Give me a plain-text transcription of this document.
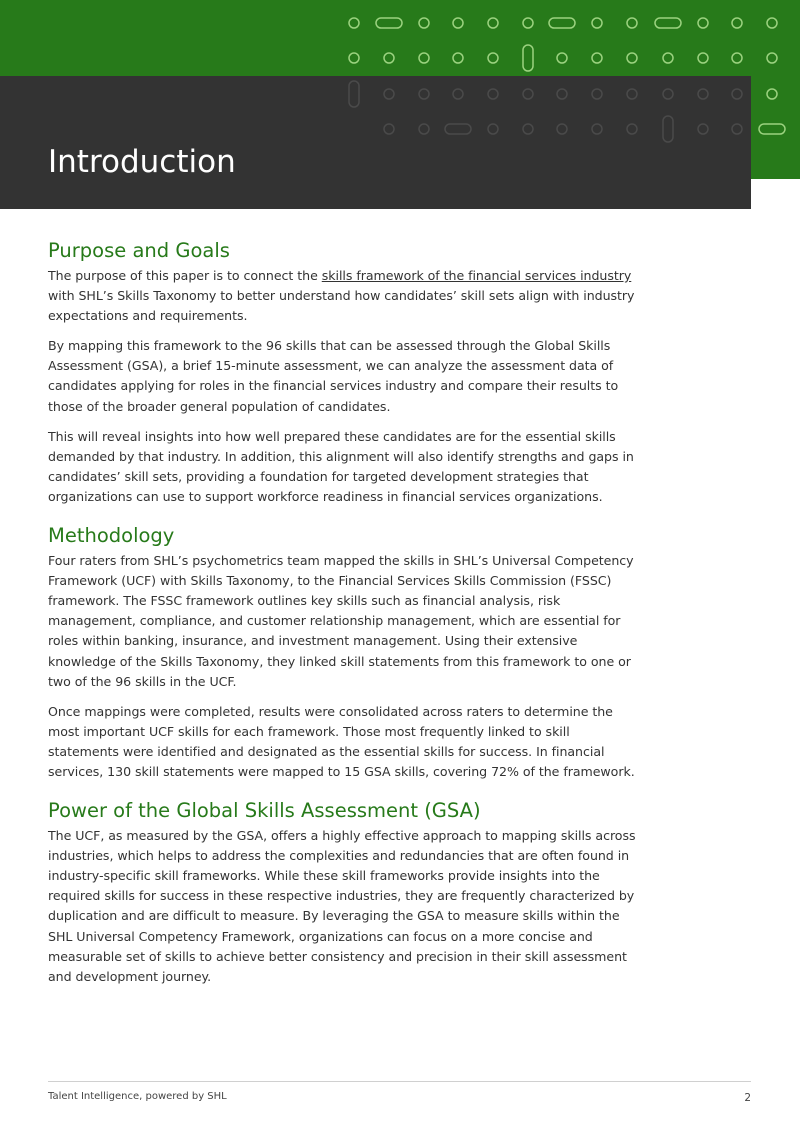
Introduction
Purpose and Goals

The purpose of this paper is to connect the skills framework of the financial services industry with SHL’s Skills Taxonomy to better understand how candidates’ skill sets align with industry expectations and requirements.

By mapping this framework to the 96 skills that can be assessed through the Global Skills Assessment (GSA), a brief 15-minute assessment, we can analyze the assessment data of candidates applying for roles in the financial services industry and compare their results to those of the broader general population of candidates.

This will reveal insights into how well prepared these candidates are for the essential skills demanded by that industry. In addition, this alignment will also identify strengths and gaps in candidates’ skill sets, providing a foundation for targeted development strategies that organizations can use to support workforce readiness in financial services organizations.

Methodology

Four raters from SHL’s psychometrics team mapped the skills in SHL’s Universal Competency Framework (UCF) with Skills Taxonomy, to the Financial Services Skills Commission (FSSC) framework. The FSSC framework outlines key skills such as financial analysis, risk management, compliance, and customer relationship management, which are essential for roles within banking, insurance, and investment management. Using their extensive knowledge of the Skills Taxonomy, they linked skill statements from this framework to one or two of the 96 skills in the UCF.

Once mappings were completed, results were consolidated across raters to determine the most important UCF skills for each framework. Those most frequently linked to skill statements were identified and designated as the essential skills for success. In financial services, 130 skill statements were mapped to 15 GSA skills, covering 72% of the framework.

Power of the Global Skills Assessment (GSA)

The UCF, as measured by the GSA, offers a highly effective approach to mapping skills across industries, which helps to address the complexities and redundancies that are often found in industry-specific skill frameworks. While these skill frameworks provide insights into the required skills for success in these respective industries, they are frequently characterized by duplication and are difficult to measure. By leveraging the GSA to measure skills within the SHL Universal Competency Framework, organizations can focus on a more concise and measurable set of skills to achieve better consistency and precision in their skill assessment and development journey.

Talent Intelligence, powered by SHL	2
